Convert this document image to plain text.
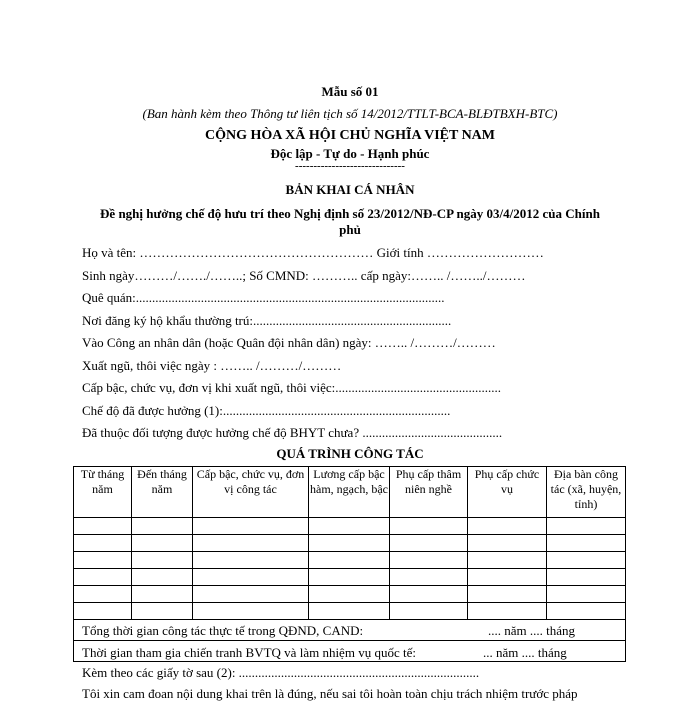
Mẫu số 01
(Ban hành kèm theo Thông tư liên tịch số 14/2012/TTLT-BCA-BLĐTBXH-BTC)
CỘNG HÒA XÃ HỘI CHỦ NGHĨA VIỆT NAM
Độc lập - Tự do - Hạnh phúc
------------------------------
BẢN KHAI CÁ NHÂN
Đề nghị hưởng chế độ hưu trí theo Nghị định số 23/2012/NĐ-CP ngày 03/4/2012 của Chính
phủ
Họ và tên: ……………………………………………… Giới tính ………………………
Sinh ngày………/……./……..; Số CMND: ……….. cấp ngày:…….. /……../………
Quê quán:...............................................................................................
Nơi đăng ký hộ khẩu thường trú:.............................................................
Vào Công an nhân dân (hoặc Quân đội nhân dân) ngày: …….. /………/………
Xuất ngũ, thôi việc ngày : …….. /………/………
Cấp bậc, chức vụ, đơn vị khi xuất ngũ, thôi việc:...................................................
Chế độ đã được hưởng (1):......................................................................
Đã thuộc đối tượng được hưởng chế độ BHYT chưa? ...........................................
QUÁ TRÌNH CÔNG TÁC
Từ tháng năm	Đến tháng năm	Cấp bậc, chức vụ, đơn vị công tác	Lương cấp bậc hàm, ngạch, bậc	Phụ cấp thâm niên nghề	Phụ cấp chức vụ	Địa bàn công tác (xã, huyện, tỉnh)

Tổng thời gian công tác thực tế trong QĐND, CAND:	.... năm .... tháng
Thời gian tham gia chiến tranh BVTQ và làm nhiệm vụ quốc tế:	... năm .... tháng
Kèm theo các giấy tờ sau (2): ..........................................................................
Tôi xin cam đoan nội dung khai trên là đúng, nếu sai tôi hoàn toàn chịu trách nhiệm trước pháp
